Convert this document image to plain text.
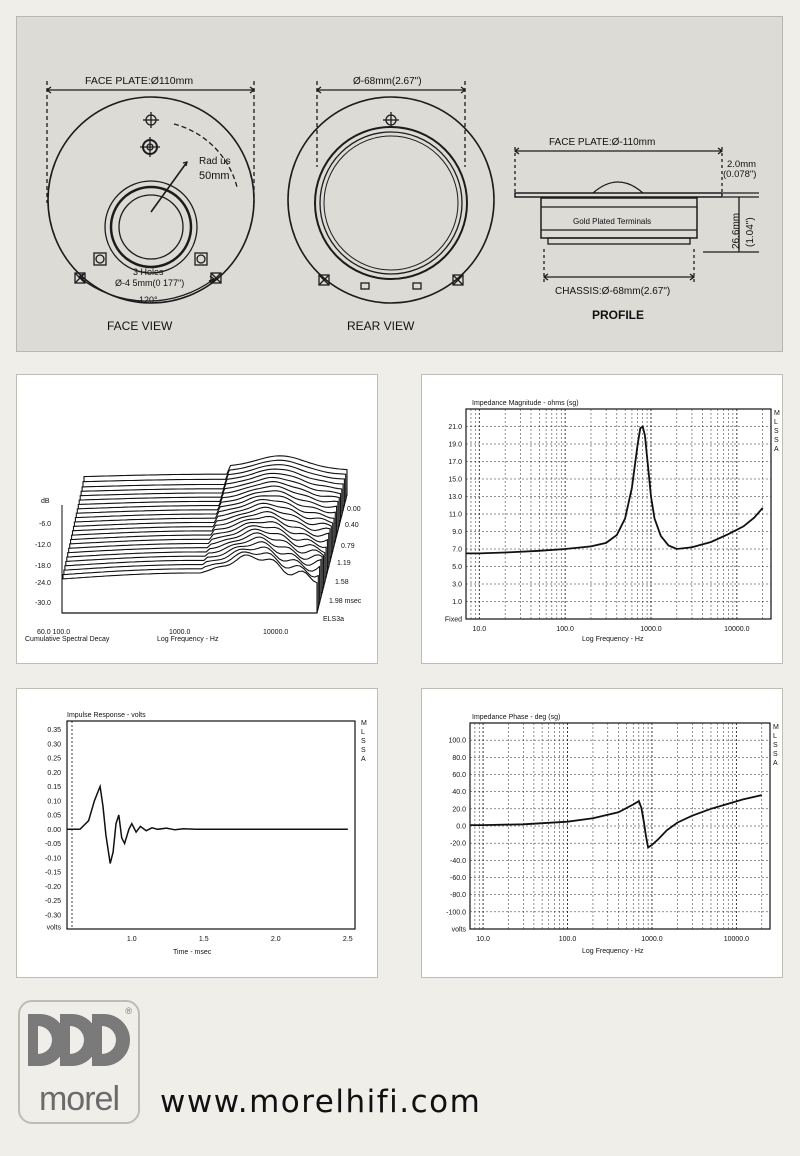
FACE PLATE:Ø110mm
Rad us
50mm
3 Holes
Ø-4 5mm(0 177")
120°
FACE VIEW
Ø-68mm(2.67")
REAR VIEW
FACE PLATE:Ø-110mm
2.0mm
(0.078")
Gold Plated Terminals	26.6mm (1.04")
CHASSIS:Ø-68mm(2.67")
PROFILE
dB
-6.0
-12.0
-18.0
-24.0
-30.0
0.00
0.40
0.79
1.19
1.58
1.98 msec
ELS3a
60.0 100.0	1000.0	10000.0
Cumulative Spectral Decay	Log Frequency - Hz
Impedance Magnitude - ohms (sg)
21.0
19.0
17.0
15.0
13.0
11.0
9.0
7.0
5.0
3.0
1.0
Fixed
10.0	100.0	1000.0	10000.0
Log Frequency - Hz
M L S S A
Impulse Response - volts
0.35
0.30
0.25
0.20
0.15
0.10
0.05
0.00
-0.05
-0.10
-0.15
-0.20
-0.25
-0.30
volts
1.0	1.5	2.0	2.5
Time - msec
M L S S A
Impedance Phase - deg (sg)
100.0
80.0
60.0
40.0
20.0
0.0
-20.0
-40.0
-60.0
-80.0
-100.0
volts
10.0	100.0	1000.0	10000.0
Log Frequency - Hz
M L S S A
®
morel	www.morelhifi.com
